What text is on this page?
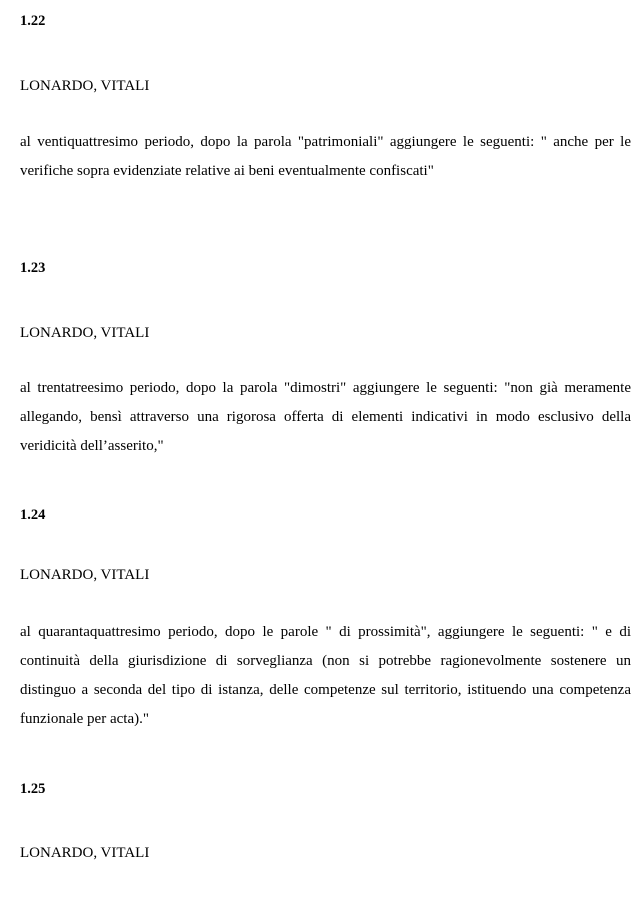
1.22
LONARDO, VITALI
al ventiquattresimo periodo, dopo la parola "patrimoniali" aggiungere le seguenti: " anche per le verifiche sopra evidenziate relative ai beni eventualmente confiscati"
1.23
LONARDO, VITALI
al trentatreesimo periodo, dopo la parola "dimostri" aggiungere le seguenti: "non già meramente allegando, bensì attraverso una rigorosa offerta di elementi indicativi in modo esclusivo della veridicità dell’asserito,"
1.24
LONARDO, VITALI
al quarantaquattresimo periodo, dopo le parole " di prossimità", aggiungere le seguenti: " e di continuità della giurisdizione di sorveglianza (non si potrebbe ragionevolmente sostenere un distinguo a seconda del tipo di istanza, delle competenze sul territorio, istituendo una competenza funzionale per acta)."
1.25
LONARDO, VITALI
